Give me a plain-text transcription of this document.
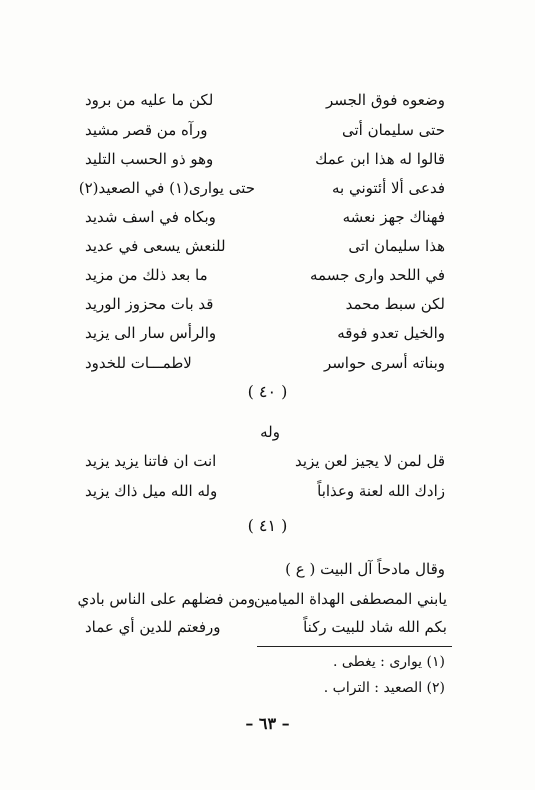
وضعوه فوق الجسر
لكن ما عليه من برود
حتى سليمان أتى
ورآه من قصر مشيد
قالوا له هذا ابن عمك
وهو ذو الحسب التليد
فدعى ألا أئتوني به
حتى يوارى(١) في الصعيد(٢)
فهناك جهز نعشه
وبكاه في اسف شديد
هذا سليمان اتى
للنعش يسعى في عديد
في اللحد وارى جسمه
ما بعد ذلك من مزيد
لكن سبط محمد
قد بات محزوز الوريد
والخيل تعدو فوقه
والرأس سار الى يزيد
وبناته أسرى حواسر
لاطمـــات للخدود
( ٤٠ )
وله
قل لمن لا يجيز لعن يزيد
انت ان فاتنا يزيد يزيد
زادك الله لعنة وعذاباً
وله الله ميل ذاك يزيد
( ٤١ )
وقال مادحاً آل البيت ( ع )
يابني المصطفى الهداة الميامين
ومن فضلهم على الناس بادي
بكم الله شاد للبيت ركناً
ورفعتم للدين أي عماد
(١) يوارى : يغطى .
(٢) الصعيد : التراب .
– ٦٣ –
